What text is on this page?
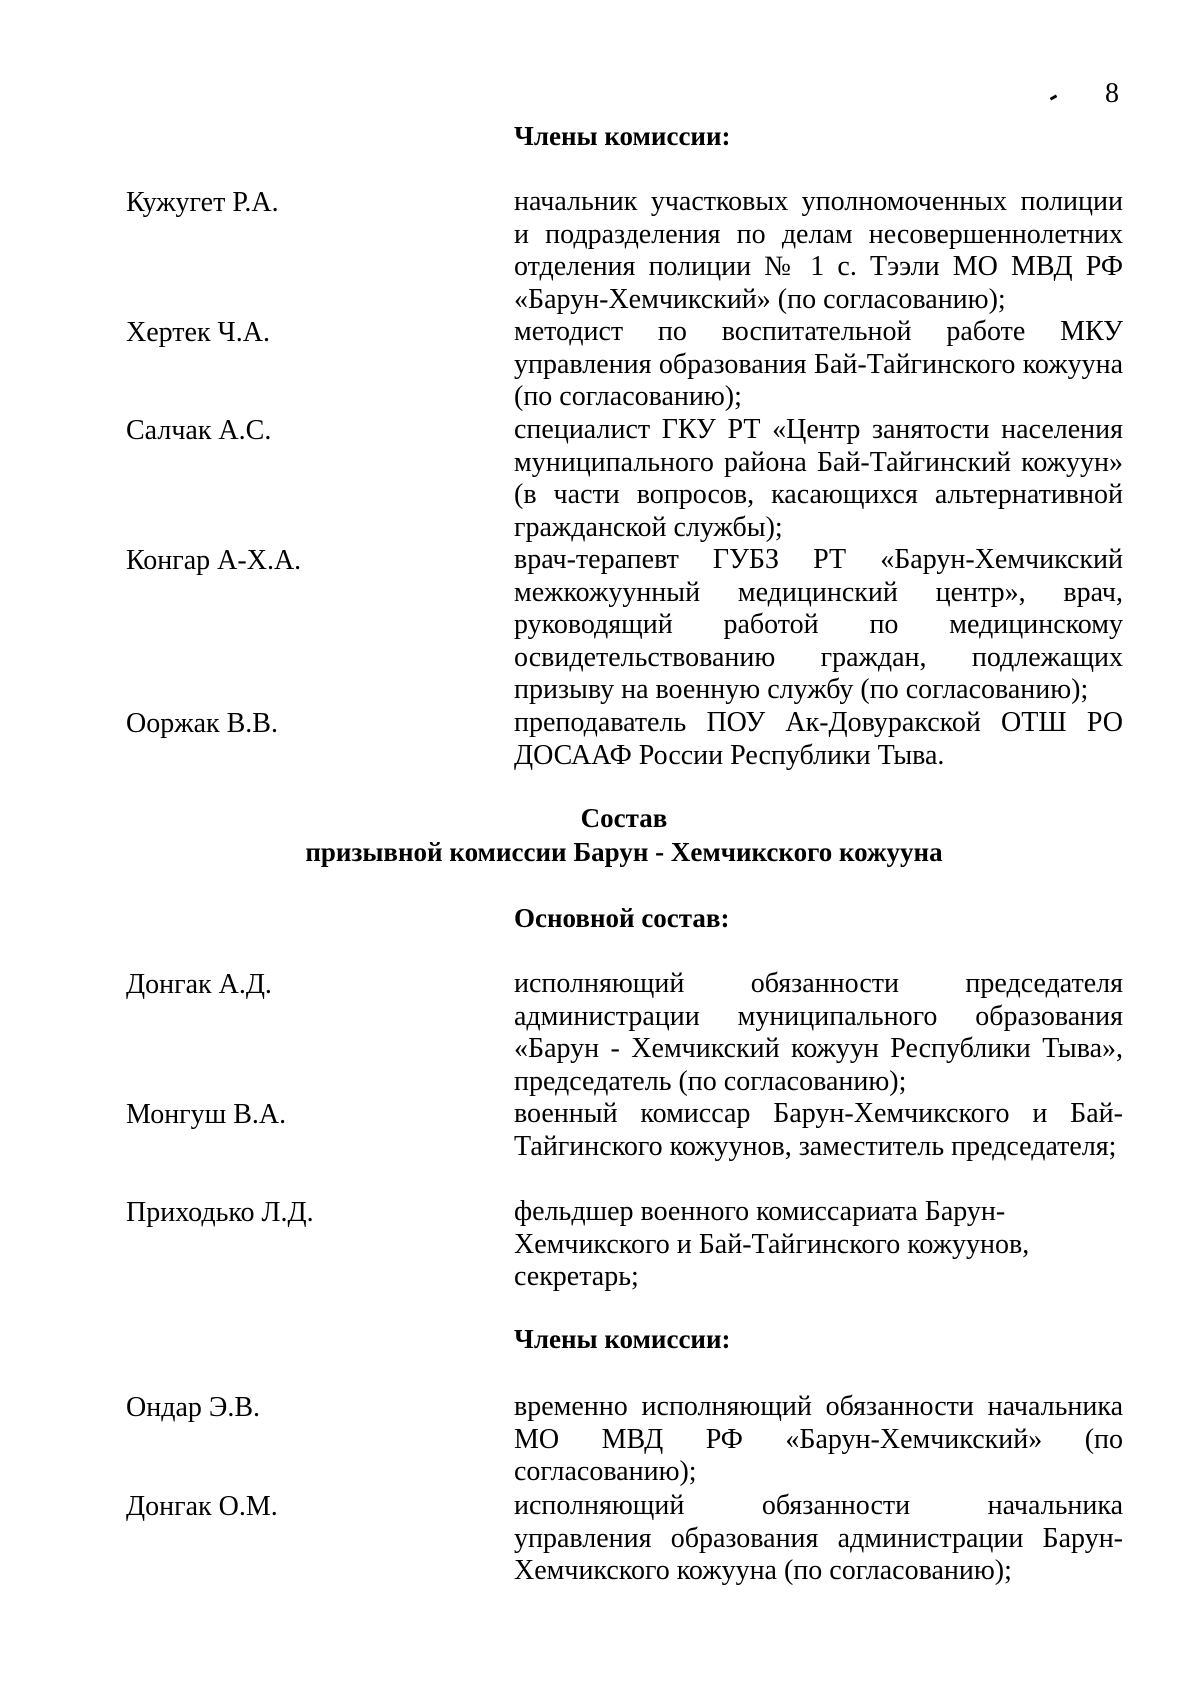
8
Члены комиссии:
Кужугет Р.А.	начальник участковых уполномоченных полиции и подразделения по делам несовершеннолетних отделения полиции № 1 с. Тээли МО МВД РФ «Барун-Хемчикский» (по согласованию);
Хертек Ч.А.	методист по воспитательной работе МКУ управления образования Бай-Тайгинского кожууна (по согласованию);
Салчак А.С.	специалист ГКУ РТ «Центр занятости населения муниципального района Бай-Тайгинский кожуун» (в части вопросов, касающихся альтернативной гражданской службы);
Конгар А-Х.А.	врач-терапевт ГУБЗ РТ «Барун-Хемчикский межкожуунный медицинский центр», врач, руководящий работой по медицинскому освидетельствованию граждан, подлежащих призыву на военную службу (по согласованию);
Ооржак В.В.	преподаватель ПОУ Ак-Довуракской ОТШ РО ДОСААФ России Республики Тыва.
Состав
призывной комиссии Барун - Хемчикского кожууна
Основной состав:
Донгак А.Д.	исполняющий обязанности председателя администрации муниципального образования «Барун - Хемчикский кожуун Республики Тыва», председатель (по согласованию);
Монгуш В.А.	военный комиссар Барун-Хемчикского и Бай-Тайгинского кожуунов, заместитель председателя;
Приходько Л.Д.	фельдшер военного комиссариата Барун-Хемчикского и Бай-Тайгинского кожуунов, секретарь;
Члены комиссии:
Ондар Э.В.	временно исполняющий обязанности начальника МО МВД РФ «Барун-Хемчикский» (по согласованию);
Донгак О.М.	исполняющий обязанности начальника управления образования администрации Барун-Хемчикского кожууна (по согласованию);
